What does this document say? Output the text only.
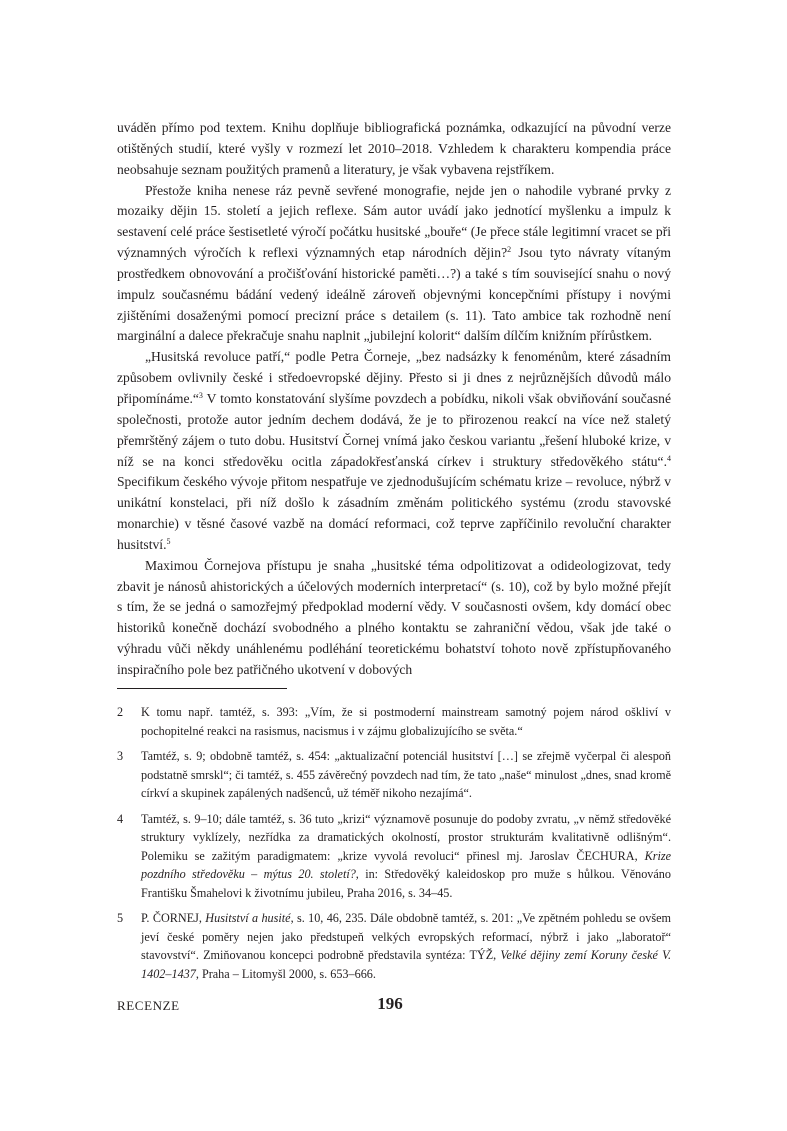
uváděn přímo pod textem. Knihu doplňuje bibliografická poznámka, odkazující na původní verze otištěných studií, které vyšly v rozmezí let 2010–2018. Vzhledem k charakteru kompendia práce neobsahuje seznam použitých pramenů a literatury, je však vybavena rejstříkem.

Přestože kniha nenese ráz pevně sevřené monografie, nejde jen o nahodile vybrané prvky z mozaiky dějin 15. století a jejich reflexe. Sám autor uvádí jako jednotící myšlenku a impulz k sestavení celé práce šestisetleté výročí počátku husitské „bouře“ (Je přece stále legitimní vracet se při významných výročích k reflexi významných etap národních dějin?$^2$ Jsou tyto návraty vítaným prostředkem obnovování a pročišťování historické paměti…?) a také s tím související snahu o nový impulz současnému bádání vedený ideálně zároveň objevnými koncepčními přístupy i novými zjištěními dosaženými pomocí precizní práce s detailem (s. 11). Tato ambice tak rozhodně není marginální a dalece překračuje snahu naplnit „jubilejní kolorit“ dalším dílčím knižním přírůstkem.

„Husitská revoluce patří,“ podle Petra Čorneje, „bez nadsázky k fenoménům, které zásadním způsobem ovlivnily české i středoevropské dějiny. Přesto si ji dnes z nejrůznějších důvodů málo připomínáme.“$^3$ V tomto konstatování slyšíme povzdech a pobídku, nikoli však obviňování současné společnosti, protože autor jedním dechem dodává, že je to přirozenou reakcí na více než staletý přemrštěný zájem o tuto dobu. Husitství Čornej vnímá jako českou variantu „řešení hluboké krize, v níž se na konci středověku ocitla západokřesťanská církev i struktury středověkého státu“.$^4$ Specifikum českého vývoje přitom nespatřuje ve zjednodušujícím schématu krize – revoluce, nýbrž v unikátní konstelaci, při níž došlo k zásadním změnám politického systému (zrodu stavovské monarchie) v těsné časové vazbě na domácí reformaci, což teprve zapříčinilo revoluční charakter husitství.$^5$

Maximou Čornejova přístupu je snaha „husitské téma odpolitizovat a odideologizovat, tedy zbavit je nánosů ahistorických a účelových moderních interpretací“ (s. 10), což by bylo možné přejít s tím, že se jedná o samozřejmý předpoklad moderní vědy. V současnosti ovšem, kdy domácí obec historiků konečně dochází svobodného a plného kontaktu se zahraniční vědou, však jde také o výhradu vůči někdy unáhlenému podléhání teoretickému bohatství tohoto nově zpřístupňovaného inspiračního pole bez patřičného ukotvení v dobových

2	K tomu např. tamtéž, s. 393: „Vím, že si postmoderní mainstream samotný pojem národ oškliví v pochopitelné reakci na rasismus, nacismus i v zájmu globalizujícího se světa.“
3	Tamtéž, s. 9; obdobně tamtéž, s. 454: „aktualizační potenciál husitství […] se zřejmě vyčerpal či alespoň podstatně smrskl“; či tamtéž, s. 455 závěrečný povzdech nad tím, že tato „naše“ minulost „dnes, snad kromě církví a skupinek zapálených nadšenců, už téměř nikoho nezajímá“.
4	Tamtéž, s. 9–10; dále tamtéž, s. 36 tuto „krizi“ významově posunuje do podoby zvratu, „v němž středověké struktury vyklízely, nezřídka za dramatických okolností, prostor strukturám kvalitativně odlišným“. Polemiku se zažitým paradigmatem: „krize vyvolá revoluci“ přinesl mj. Jaroslav ČECHURA, Krize pozdního středověku – mýtus 20. století?, in: Středověký kaleidoskop pro muže s hůlkou. Věnováno Františku Šmahelovi k životnímu jubileu, Praha 2016, s. 34–45.
5	P. ČORNEJ, Husitství a husité, s. 10, 46, 235. Dále obdobně tamtéž, s. 201: „Ve zpětném pohledu se ovšem jeví české poměry nejen jako předstupeň velkých evropských reformací, nýbrž i jako „laboratoř“ stavovství“. Zmiňovanou koncepci podrobně představila syntéza: TÝŽ, Velké dějiny zemí Koruny české V. 1402–1437, Praha – Litomyšl 2000, s. 653–666.
RECENZE	196
